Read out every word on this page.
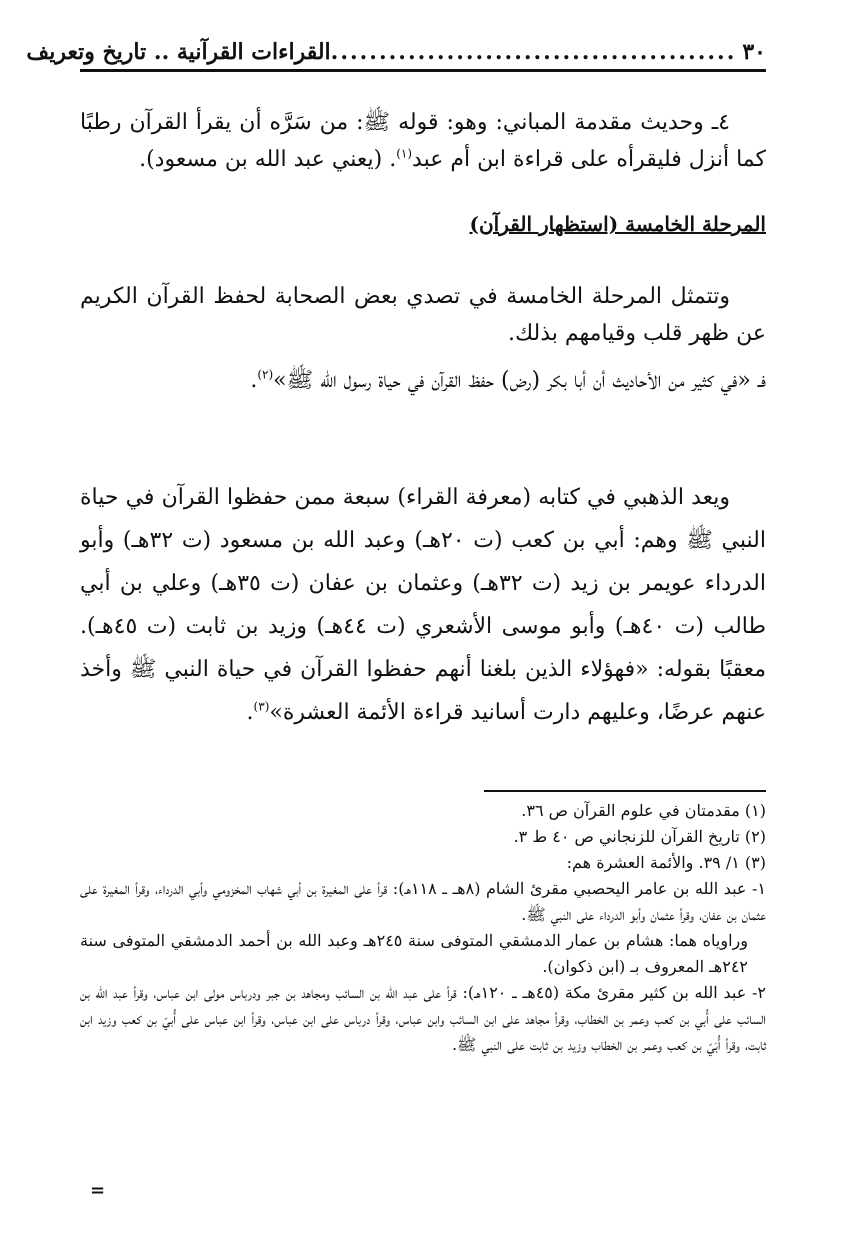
٣٠
..........................................
القراءات القرآنية .. تاريخ وتعريف
٤ـ وحديث مقدمة المباني: وهو: قوله ﷺ: من سَرَّه أن يقرأ القرآن رطبًا كما أنزل فليقرأه على قراءة ابن أم عبد$^{(١)}$. (يعني عبد الله بن مسعود).
المرحلة الخامسة (استظهار القرآن)
وتتمثل المرحلة الخامسة في تصدي بعض الصحابة لحفظ القرآن الكريم عن ظهر قلب وقيامهم بذلك.
فـ «في كثير من الأحاديث أن أبا بكر (رض) حفظ القرآن في حياة رسول الله ﷺ»$^{(٢)}$.
ويعد الذهبي في كتابه (معرفة القراء) سبعة ممن حفظوا القرآن في حياة النبي ﷺ وهم: أبي بن كعب (ت ٢٠هـ) وعبد الله بن مسعود (ت ٣٢هـ) وأبو الدرداء عويمر بن زيد (ت ٣٢هـ) وعثمان بن عفان (ت ٣٥هـ) وعلي بن أبي طالب (ت ٤٠هـ) وأبو موسى الأشعري (ت ٤٤هـ) وزيد بن ثابت (ت ٤٥هـ). معقبًا بقوله: «فهؤلاء الذين بلغنا أنهم حفظوا القرآن في حياة النبي ﷺ وأخذ عنهم عرضًا، وعليهم دارت أسانيد قراءة الأئمة العشرة»$^{(٣)}$.

(١) مقدمتان في علوم القرآن ص ٣٦.

(٢) تاريخ القرآن للزنجاني ص ٤٠ ط ٣.

(٣) ١/ ٣٩. والأئمة العشرة هم:

١- عبد الله بن عامر اليحصبي مقرئ الشام (٨هـ ـ ١١٨هـ): قرأ على المغيرة بن أبي شهاب المخزومي وأبي الدرداء، وقرأ المغيرة على عثمان بن عفان، وقرأ عثمان وأبو الدرداء على النبي ﷺ.

وراوياه هما: هشام بن عمار الدمشقي المتوفى سنة ٢٤٥هـ وعبد الله بن أحمد الدمشقي المتوفى سنة ٢٤٢هـ المعروف بـ (ابن ذكوان).

٢- عبد الله بن كثير مقرئ مكة (٤٥هـ ـ ١٢٠هـ): قرأ على عبد الله بن السائب ومجاهد بن جبر ودرباس مولى ابن عباس، وقرأ عبد الله بن السائب على أُبي بن كعب وعمر بن الخطاب، وقرأ مجاهد على ابن السائب وابن عباس، وقرأ درباس على ابن عباس، وقرأ ابن عباس على أُبيّ بن كعب وزيد ابن ثابت، وقرأ أُبَيّ بن كعب وعمر بن الخطاب وزيد بن ثابت على النبي ﷺ.

=
